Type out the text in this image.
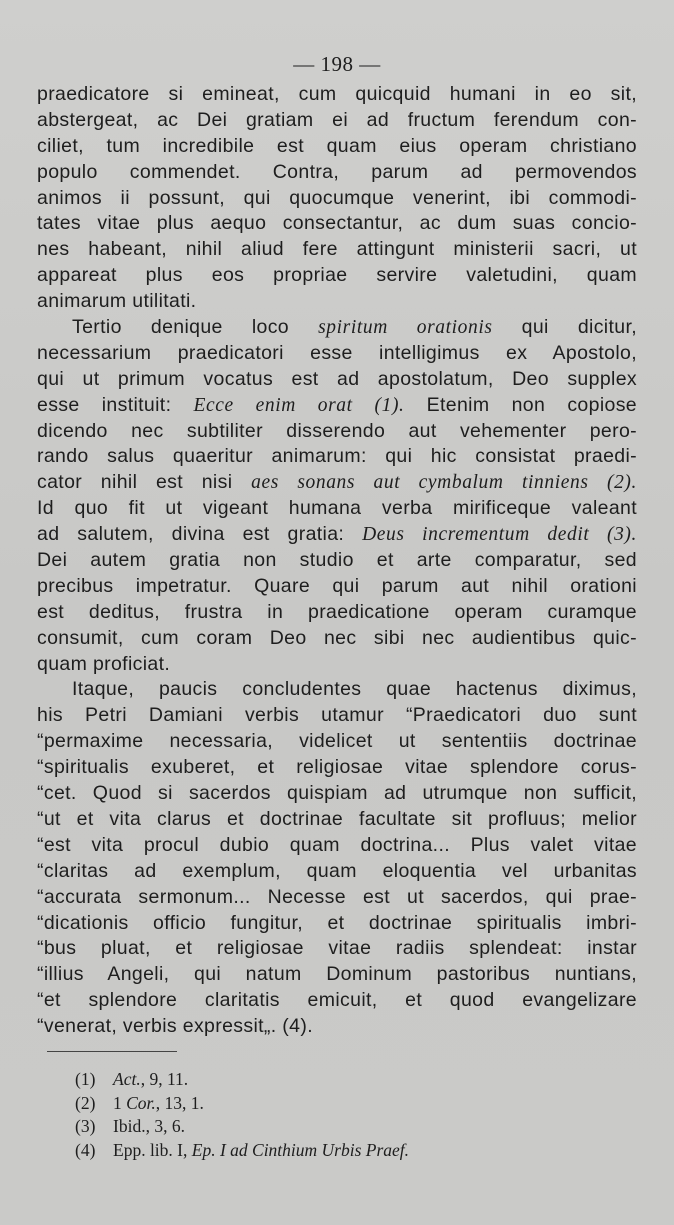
— 198 —
praedicatore si emineat, cum quicquid humani in eo sit,
abstergeat, ac Dei gratiam ei ad fructum ferendum con-
ciliet, tum incredibile est quam eius operam christiano
populo commendet. Contra, parum ad permovendos
animos ii possunt, qui quocumque venerint, ibi commodi-
tates vitae plus aequo consectantur, ac dum suas concio-
nes habeant, nihil aliud fere attingunt ministerii sacri, ut
appareat plus eos propriae servire valetudini, quam
animarum utilitati.
Tertio denique loco spiritum orationis qui dicitur,
necessarium praedicatori esse intelligimus ex Apostolo,
qui ut primum vocatus est ad apostolatum, Deo supplex
esse instituit: Ecce enim orat (1). Etenim non copiose
dicendo nec subtiliter disserendo aut vehementer pero-
rando salus quaeritur animarum: qui hic consistat praedi-
cator nihil est nisi aes sonans aut cymbalum tinniens (2).
Id quo fit ut vigeant humana verba mirificeque valeant
ad salutem, divina est gratia: Deus incrementum dedit (3).
Dei autem gratia non studio et arte comparatur, sed
precibus impetratur. Quare qui parum aut nihil orationi
est deditus, frustra in praedicatione operam curamque
consumit, cum coram Deo nec sibi nec audientibus quic-
quam proficiat.
Itaque, paucis concludentes quae hactenus diximus,
his Petri Damiani verbis utamur “Praedicatori duo sunt
“permaxime necessaria, videlicet ut sententiis doctrinae
“spiritualis exuberet, et religiosae vitae splendore corus-
“cet. Quod si sacerdos quispiam ad utrumque non sufficit,
“ut et vita clarus et doctrinae facultate sit profluus; melior
“est vita procul dubio quam doctrina... Plus valet vitae
“claritas ad exemplum, quam eloquentia vel urbanitas
“accurata sermonum... Necesse est ut sacerdos, qui prae-
“dicationis officio fungitur, et doctrinae spiritualis imbri-
“bus pluat, et religiosae vitae radiis splendeat: instar
“illius Angeli, qui natum Dominum pastoribus nuntians,
“et splendore claritatis emicuit, et quod evangelizare
“venerat, verbis expressit„. (4).
(1) Act., 9, 11.
(2) 1 Cor., 13, 1.
(3) Ibid., 3, 6.
(4) Epp. lib. I, Ep. I ad Cinthium Urbis Praef.
